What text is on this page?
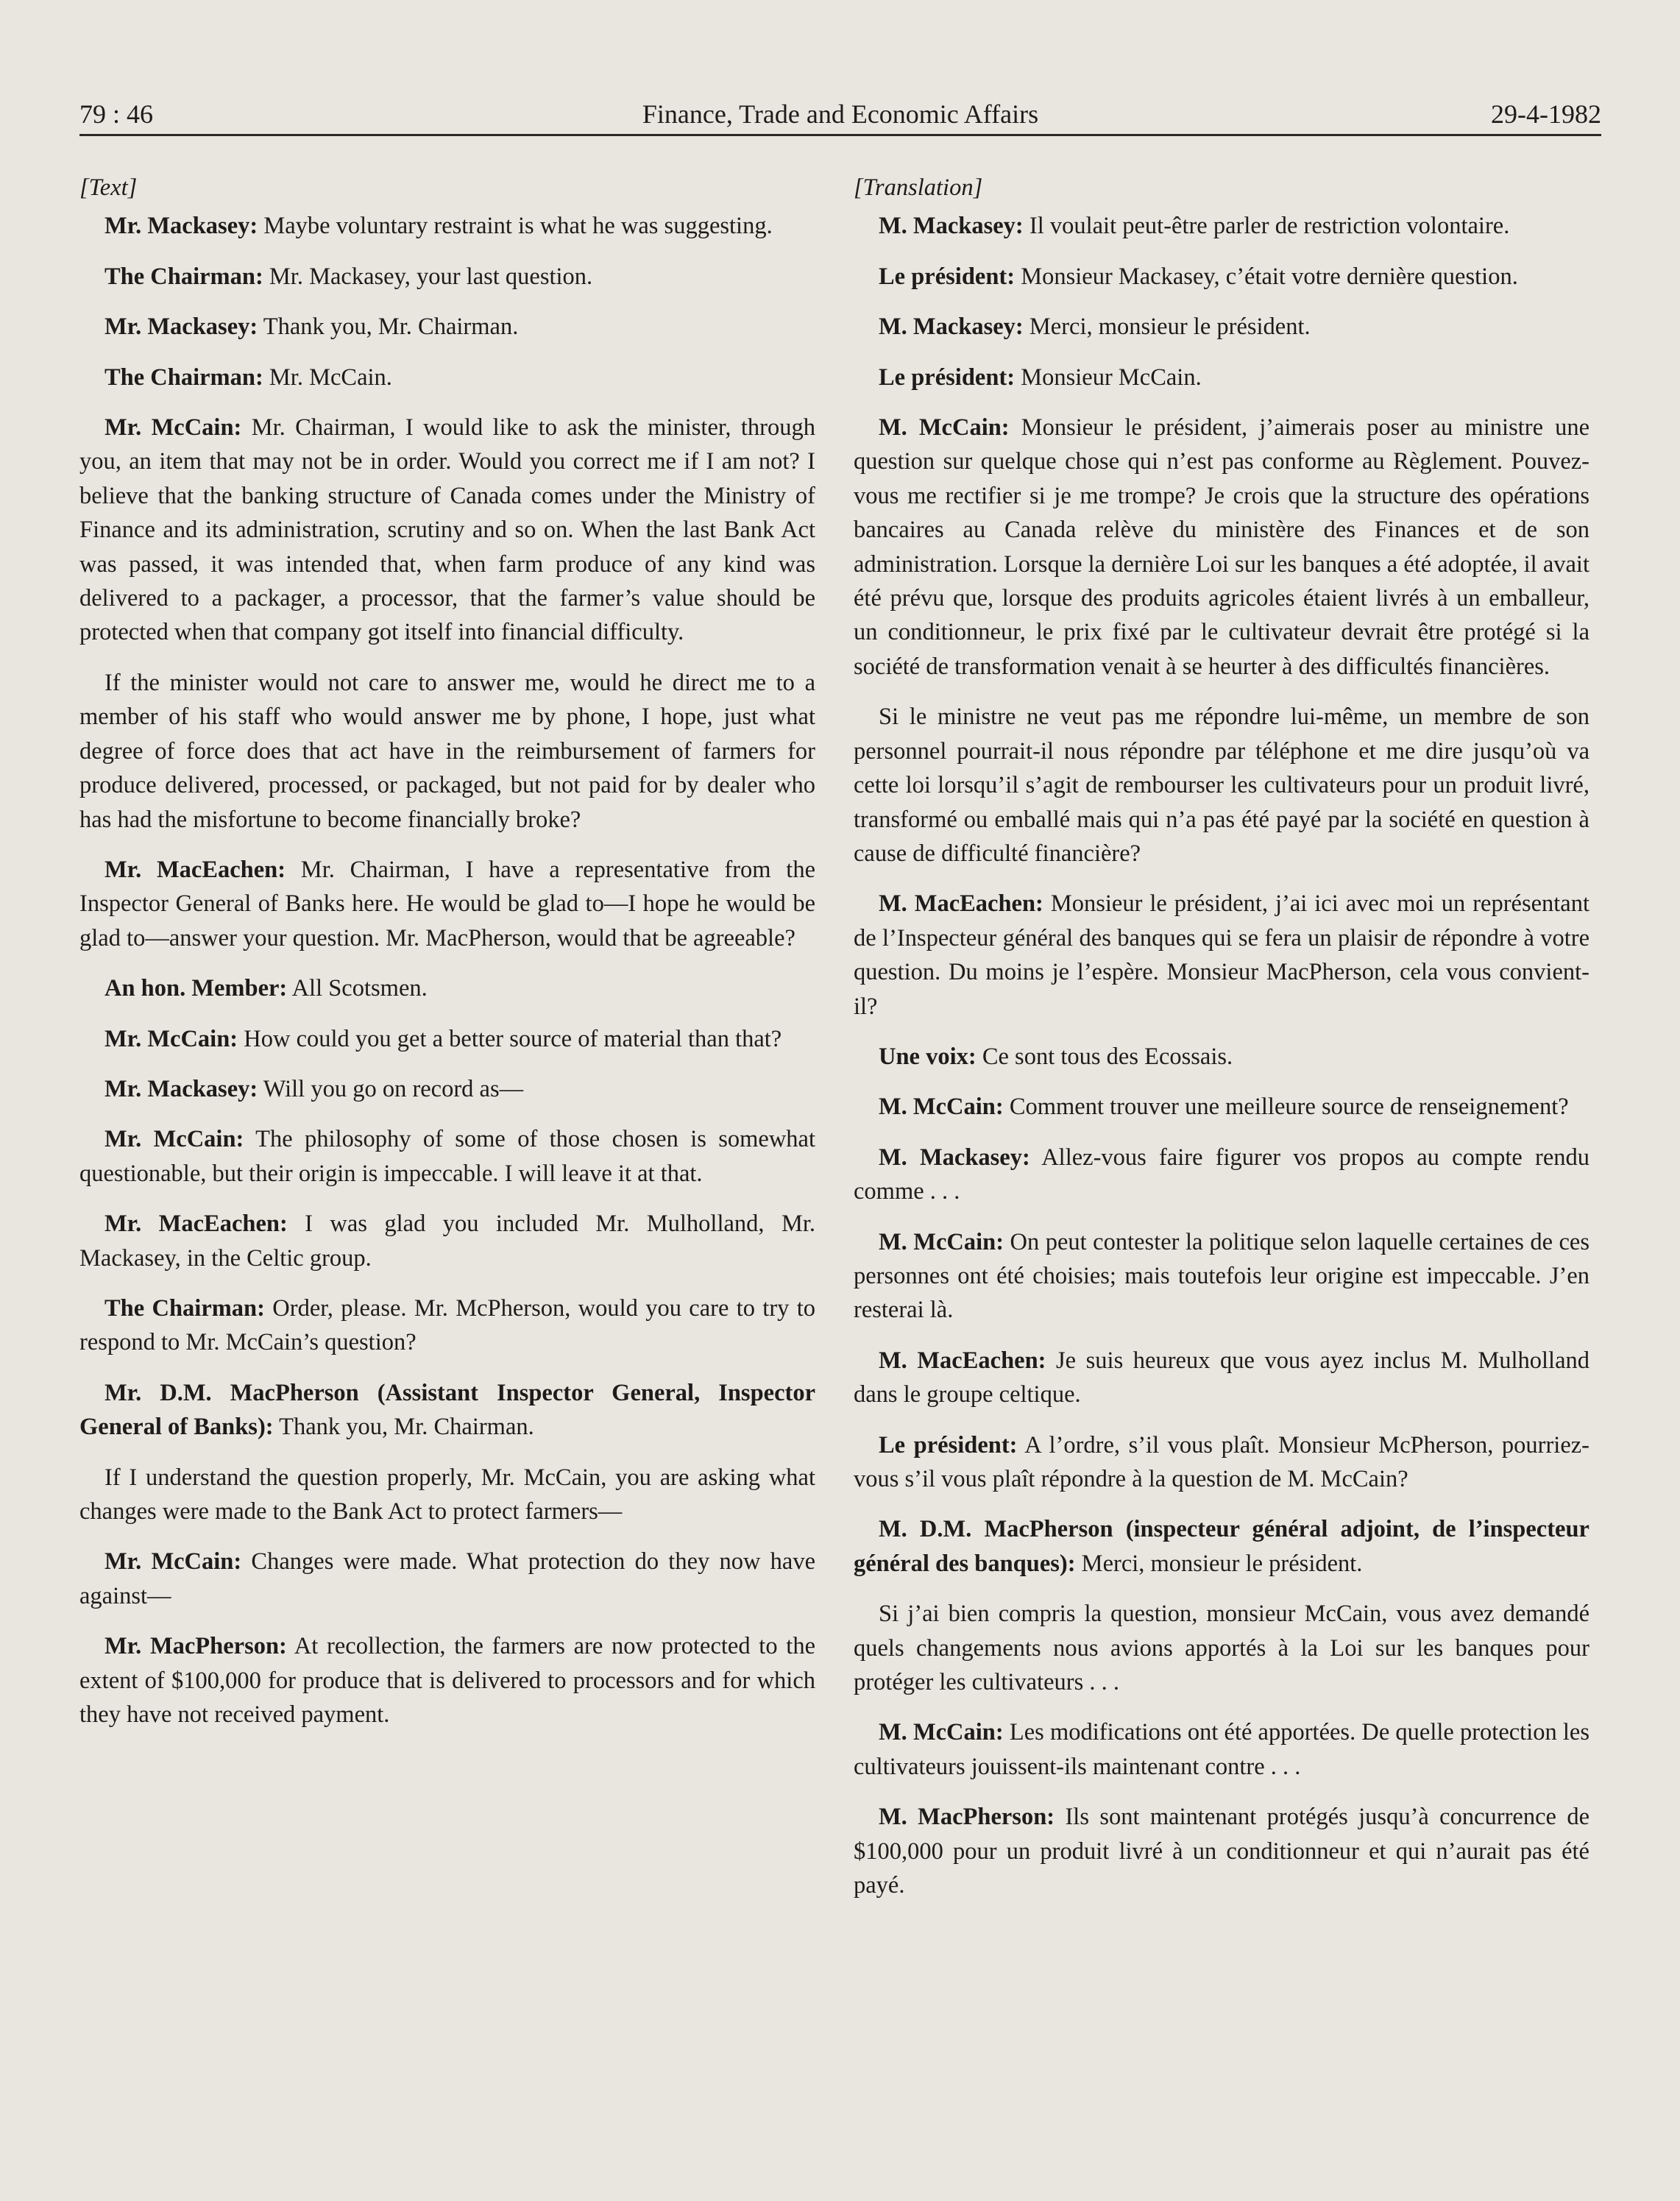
79 : 46	Finance, Trade and Economic Affairs	29-4-1982
[Text]

Mr. Mackasey: Maybe voluntary restraint is what he was suggesting.

The Chairman: Mr. Mackasey, your last question.

Mr. Mackasey: Thank you, Mr. Chairman.

The Chairman: Mr. McCain.

Mr. McCain: Mr. Chairman, I would like to ask the minister, through you, an item that may not be in order. Would you correct me if I am not? I believe that the banking structure of Canada comes under the Ministry of Finance and its administration, scrutiny and so on. When the last Bank Act was passed, it was intended that, when farm produce of any kind was delivered to a packager, a processor, that the farmer’s value should be protected when that company got itself into financial difficulty.

If the minister would not care to answer me, would he direct me to a member of his staff who would answer me by phone, I hope, just what degree of force does that act have in the reimbursement of farmers for produce delivered, processed, or packaged, but not paid for by dealer who has had the misfortune to become financially broke?

Mr. MacEachen: Mr. Chairman, I have a representative from the Inspector General of Banks here. He would be glad to—I hope he would be glad to—answer your question. Mr. MacPherson, would that be agreeable?

An hon. Member: All Scotsmen.

Mr. McCain: How could you get a better source of material than that?

Mr. Mackasey: Will you go on record as—

Mr. McCain: The philosophy of some of those chosen is somewhat questionable, but their origin is impeccable. I will leave it at that.

Mr. MacEachen: I was glad you included Mr. Mulholland, Mr. Mackasey, in the Celtic group.

The Chairman: Order, please. Mr. McPherson, would you care to try to respond to Mr. McCain’s question?

Mr. D.M. MacPherson (Assistant Inspector General, Inspector General of Banks): Thank you, Mr. Chairman.

If I understand the question properly, Mr. McCain, you are asking what changes were made to the Bank Act to protect farmers—

Mr. McCain: Changes were made. What protection do they now have against—

Mr. MacPherson: At recollection, the farmers are now protected to the extent of $100,000 for produce that is delivered to processors and for which they have not received payment.

[Translation]

M. Mackasey: Il voulait peut-être parler de restriction volontaire.

Le président: Monsieur Mackasey, c’était votre dernière question.

M. Mackasey: Merci, monsieur le président.

Le président: Monsieur McCain.

M. McCain: Monsieur le président, j’aimerais poser au ministre une question sur quelque chose qui n’est pas conforme au Règlement. Pouvez-vous me rectifier si je me trompe? Je crois que la structure des opérations bancaires au Canada relève du ministère des Finances et de son administration. Lorsque la dernière Loi sur les banques a été adoptée, il avait été prévu que, lorsque des produits agricoles étaient livrés à un emballeur, un conditionneur, le prix fixé par le cultivateur devrait être protégé si la société de transformation venait à se heurter à des difficultés financières.

Si le ministre ne veut pas me répondre lui-même, un membre de son personnel pourrait-il nous répondre par téléphone et me dire jusqu’où va cette loi lorsqu’il s’agit de rembourser les cultivateurs pour un produit livré, transformé ou emballé mais qui n’a pas été payé par la société en question à cause de difficulté financière?

M. MacEachen: Monsieur le président, j’ai ici avec moi un représentant de l’Inspecteur général des banques qui se fera un plaisir de répondre à votre question. Du moins je l’espère. Monsieur MacPherson, cela vous convient-il?

Une voix: Ce sont tous des Ecossais.

M. McCain: Comment trouver une meilleure source de renseignement?

M. Mackasey: Allez-vous faire figurer vos propos au compte rendu comme . . .

M. McCain: On peut contester la politique selon laquelle certaines de ces personnes ont été choisies; mais toutefois leur origine est impeccable. J’en resterai là.

M. MacEachen: Je suis heureux que vous ayez inclus M. Mulholland dans le groupe celtique.

Le président: A l’ordre, s’il vous plaît. Monsieur McPherson, pourriez-vous s’il vous plaît répondre à la question de M. McCain?

M. D.M. MacPherson (inspecteur général adjoint, de l’inspecteur général des banques): Merci, monsieur le président.

Si j’ai bien compris la question, monsieur McCain, vous avez demandé quels changements nous avions apportés à la Loi sur les banques pour protéger les cultivateurs . . .

M. McCain: Les modifications ont été apportées. De quelle protection les cultivateurs jouissent-ils maintenant contre . . .

M. MacPherson: Ils sont maintenant protégés jusqu’à concurrence de $100,000 pour un produit livré à un conditionneur et qui n’aurait pas été payé.
